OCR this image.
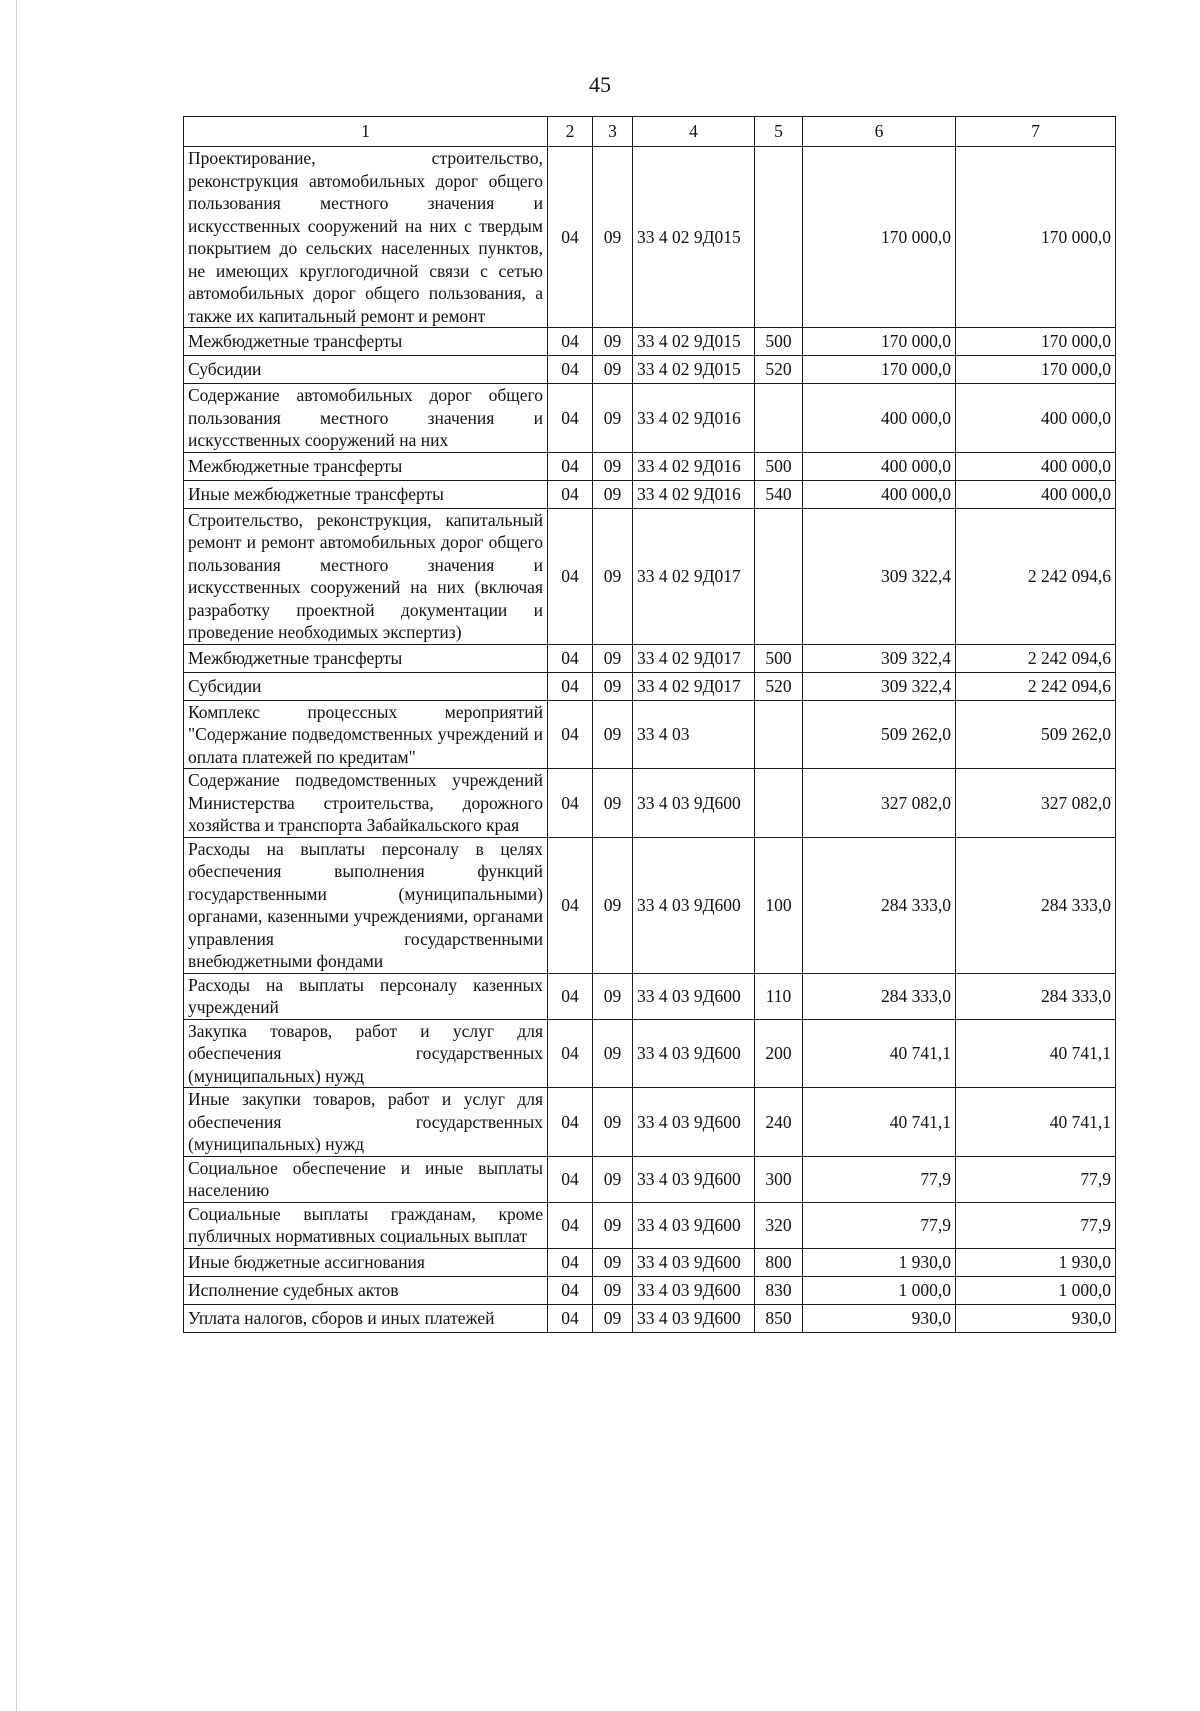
45
1	2	3	4	5	6	7
Проектирование, строительство, реконструкция автомобильных дорог общего пользования местного значения и искусственных сооружений на них с твердым покрытием до сельских населенных пунктов, не имеющих круглогодичной связи с сетью автомобильных дорог общего пользования, а также их капитальный ремонт и ремонт	04	09	33 4 02 9Д015		170 000,0	170 000,0
Межбюджетные трансферты	04	09	33 4 02 9Д015	500	170 000,0	170 000,0
Субсидии	04	09	33 4 02 9Д015	520	170 000,0	170 000,0
Содержание автомобильных дорог общего пользования местного значения и искусственных сооружений на них	04	09	33 4 02 9Д016		400 000,0	400 000,0
Межбюджетные трансферты	04	09	33 4 02 9Д016	500	400 000,0	400 000,0
Иные межбюджетные трансферты	04	09	33 4 02 9Д016	540	400 000,0	400 000,0
Строительство, реконструкция, капитальный ремонт и ремонт автомобильных дорог общего пользования местного значения и искусственных сооружений на них (включая разработку проектной документации и проведение необходимых экспертиз)	04	09	33 4 02 9Д017		309 322,4	2 242 094,6
Межбюджетные трансферты	04	09	33 4 02 9Д017	500	309 322,4	2 242 094,6
Субсидии	04	09	33 4 02 9Д017	520	309 322,4	2 242 094,6
Комплекс процессных мероприятий "Содержание подведомственных учреждений и оплата платежей по кредитам"	04	09	33 4 03		509 262,0	509 262,0
Содержание подведомственных учреждений Министерства строительства, дорожного хозяйства и транспорта Забайкальского края	04	09	33 4 03 9Д600		327 082,0	327 082,0
Расходы на выплаты персоналу в целях обеспечения выполнения функций государственными (муниципальными) органами, казенными учреждениями, органами управления государственными внебюджетными фондами	04	09	33 4 03 9Д600	100	284 333,0	284 333,0
Расходы на выплаты персоналу казенных учреждений	04	09	33 4 03 9Д600	110	284 333,0	284 333,0
Закупка товаров, работ и услуг для обеспечения государственных (муниципальных) нужд	04	09	33 4 03 9Д600	200	40 741,1	40 741,1
Иные закупки товаров, работ и услуг для обеспечения государственных (муниципальных) нужд	04	09	33 4 03 9Д600	240	40 741,1	40 741,1
Социальное обеспечение и иные выплаты населению	04	09	33 4 03 9Д600	300	77,9	77,9
Социальные выплаты гражданам, кроме публичных нормативных социальных выплат	04	09	33 4 03 9Д600	320	77,9	77,9
Иные бюджетные ассигнования	04	09	33 4 03 9Д600	800	1 930,0	1 930,0
Исполнение судебных актов	04	09	33 4 03 9Д600	830	1 000,0	1 000,0
Уплата налогов, сборов и иных платежей	04	09	33 4 03 9Д600	850	930,0	930,0
